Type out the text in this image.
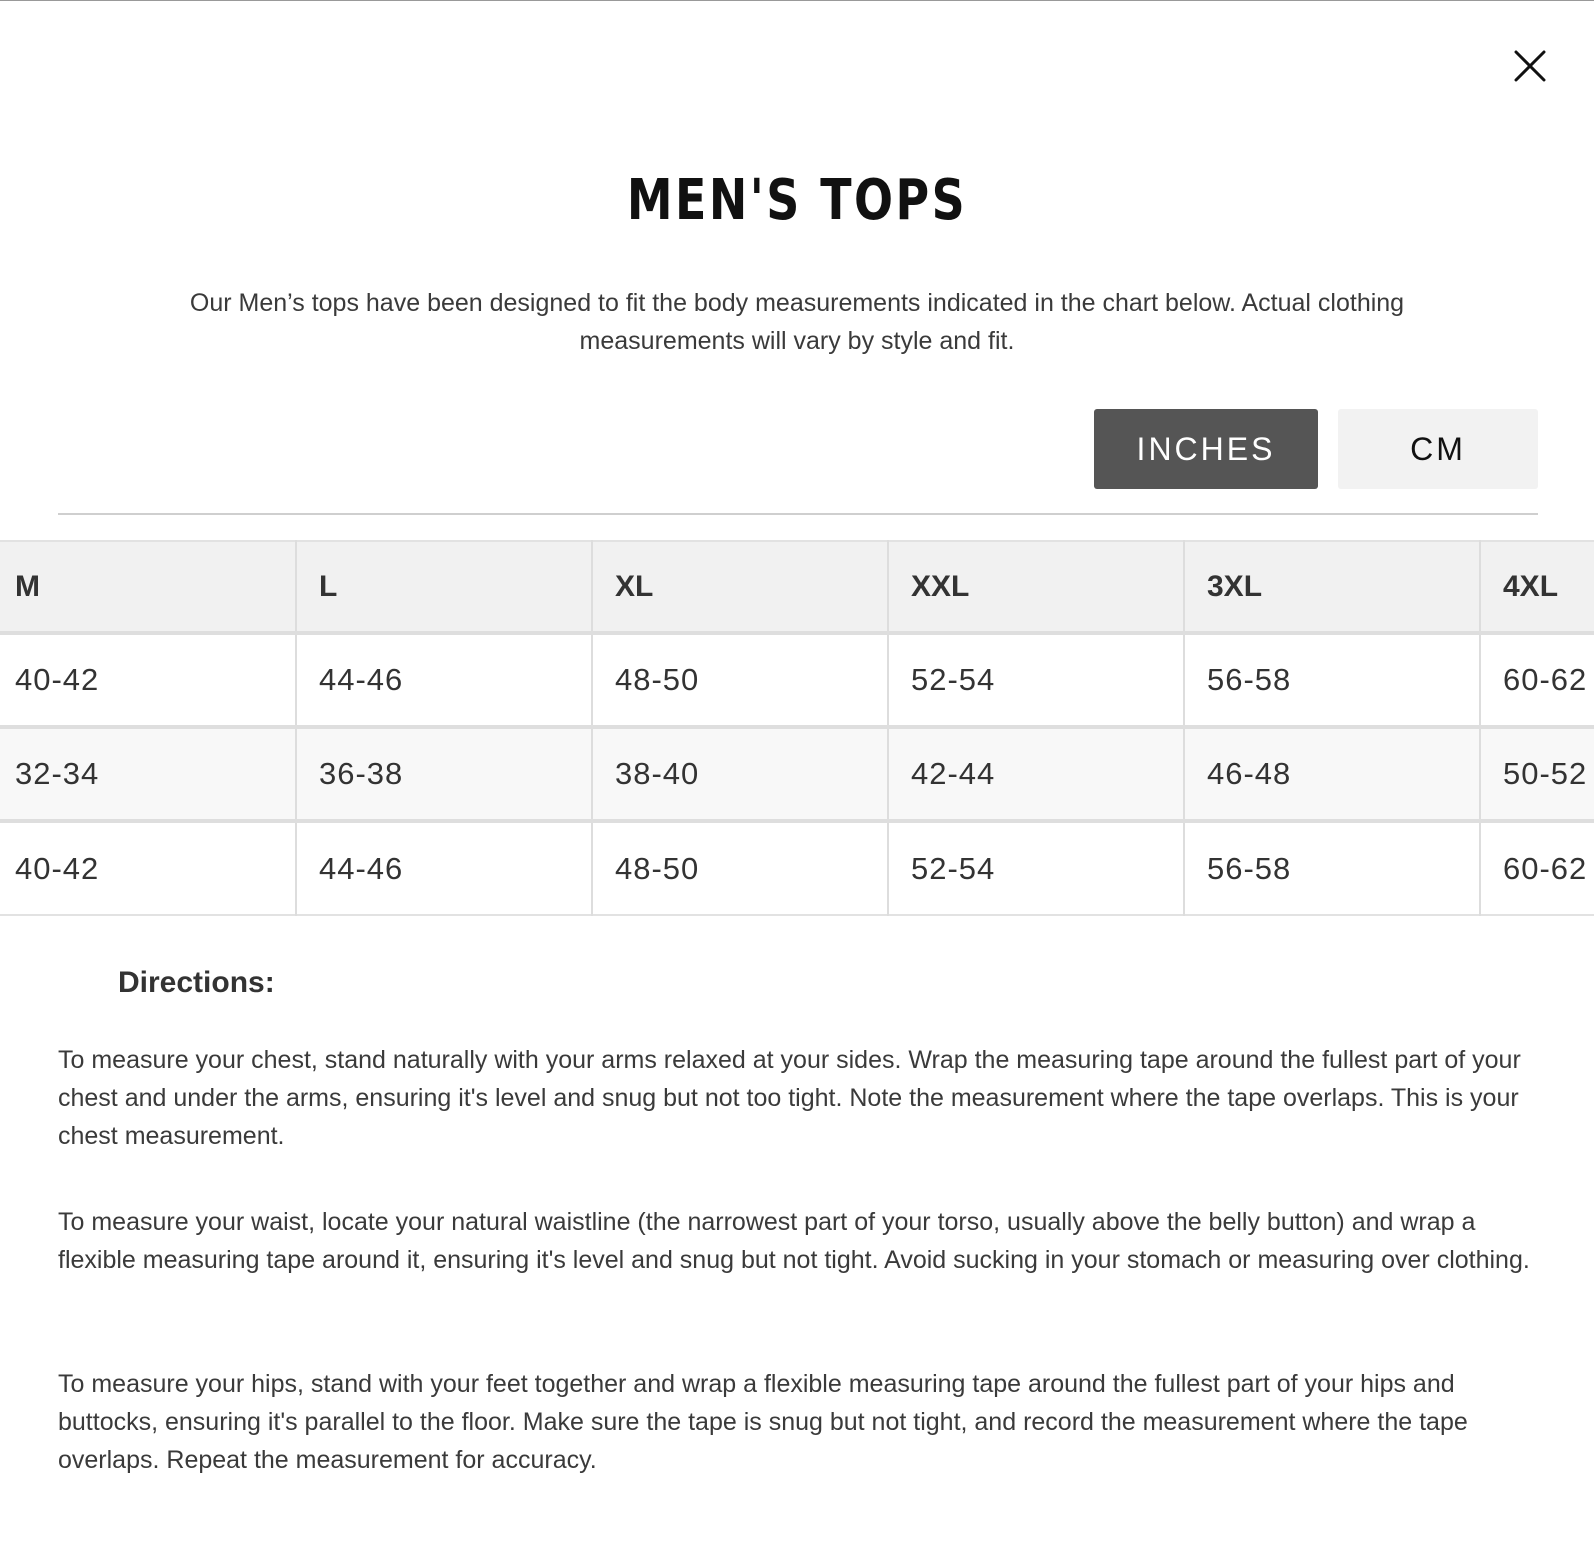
MEN'S TOPS

Our Men’s tops have been designed to fit the body measurements indicated in the chart below. Actual clothing measurements will vary by style and fit.

INCHES	CM
M	L	XL	XXL	3XL	4XL
40-42	44-46	48-50	52-54	56-58	60-62
32-34	36-38	38-40	42-44	46-48	50-52
40-42	44-46	48-50	52-54	56-58	60-62
Directions:

To measure your chest, stand naturally with your arms relaxed at your sides. Wrap the measuring tape around the fullest part of your chest and under the arms, ensuring it's level and snug but not too tight. Note the measurement where the tape overlaps. This is your chest measurement.

To measure your waist, locate your natural waistline (the narrowest part of your torso, usually above the belly button) and wrap a flexible measuring tape around it, ensuring it's level and snug but not tight. Avoid sucking in your stomach or measuring over clothing.

To measure your hips, stand with your feet together and wrap a flexible measuring tape around the fullest part of your hips and buttocks, ensuring it's parallel to the floor. Make sure the tape is snug but not tight, and record the measurement where the tape overlaps. Repeat the measurement for accuracy.
